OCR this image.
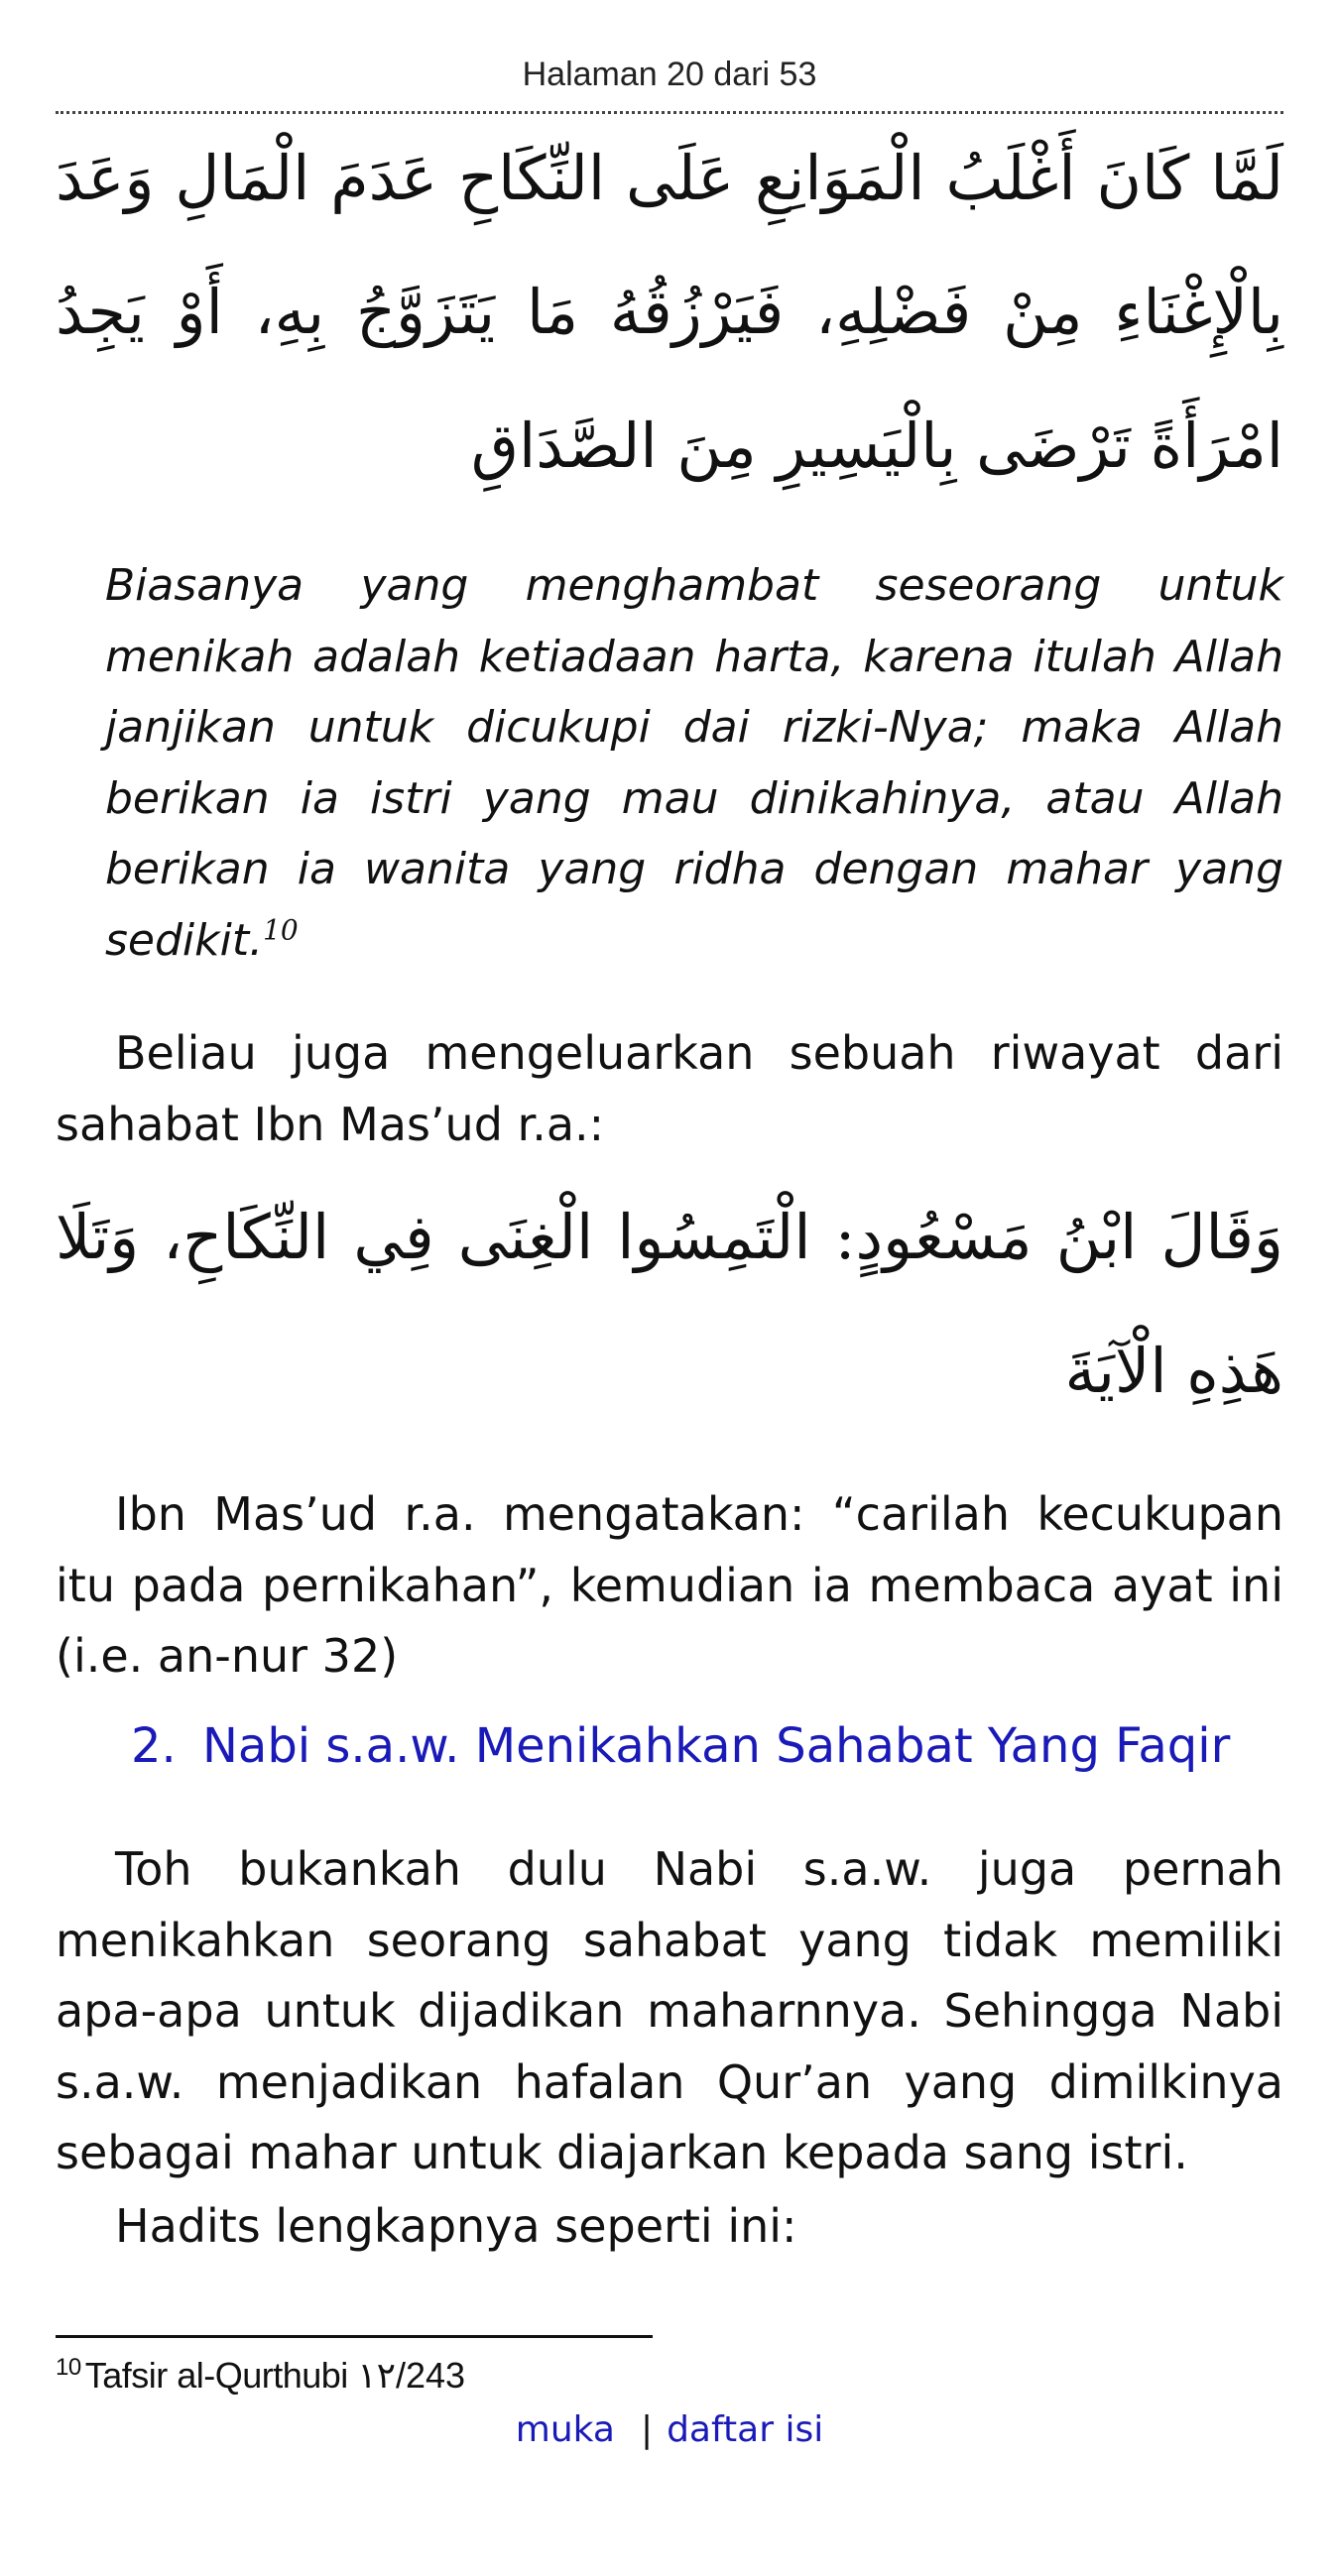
Halaman 20 dari 53
لَمَّا كَانَ أَغْلَبُ الْمَوَانِعِ عَلَى النِّكَاحِ عَدَمَ الْمَالِ وَعَدَ بِالْإِغْنَاءِ مِنْ فَضْلِهِ، فَيَرْزُقُهُ مَا يَتَزَوَّجُ بِهِ، أَوْ يَجِدُ امْرَأَةً تَرْضَى بِالْيَسِيرِ مِنَ الصَّدَاقِ
Biasanya yang menghambat seseorang untuk menikah adalah ketiadaan harta, karena itulah Allah janjikan untuk dicukupi dai rizki-Nya; maka Allah berikan ia istri yang mau dinikahinya, atau Allah berikan ia wanita yang ridha dengan mahar yang sedikit.$^{10}$
Beliau juga mengeluarkan sebuah riwayat dari sahabat Ibn Mas’ud r.a.:
وَقَالَ ابْنُ مَسْعُودٍ: الْتَمِسُوا الْغِنَى فِي النِّكَاحِ، وَتَلَا هَذِهِ الْآيَةَ
Ibn Mas’ud r.a. mengatakan: “carilah kecukupan itu pada pernikahan”, kemudian ia membaca ayat ini (i.e. an-nur 32)
2. Nabi s.a.w. Menikahkan Sahabat Yang Faqir
Toh bukankah dulu Nabi s.a.w. juga pernah menikahkan seorang sahabat yang tidak memiliki apa-apa untuk dijadikan maharnnya. Sehingga Nabi s.a.w. menjadikan hafalan Qur’an yang dimilkinya sebagai mahar untuk diajarkan kepada sang istri.
Hadits lengkapnya seperti ini:
$^{10}$ Tafsir al-Qurthubi ١٢/243
muka | daftar isi
